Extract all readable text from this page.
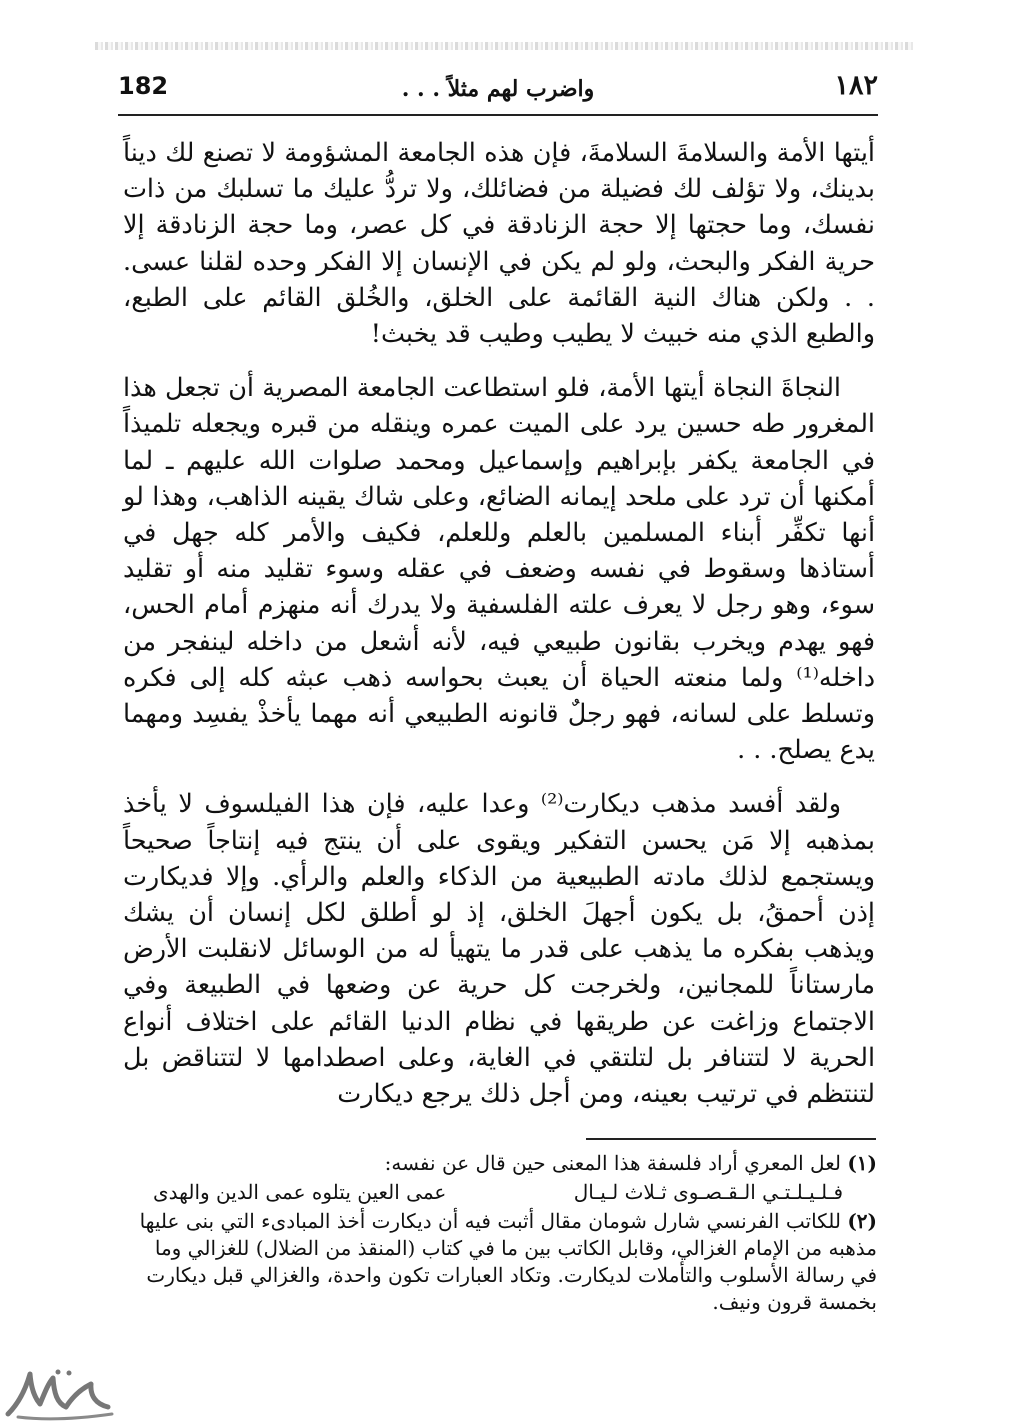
182	واضرب لهم مثلاً . . .	١٨٢

أيتها الأمة والسلامةَ السلامةَ، فإن هذه الجامعة المشؤومة لا تصنع لك ديناً بدينك، ولا تؤلف لك فضيلة من فضائلك، ولا تردُّ عليك ما تسلبك من ذات نفسك، وما حجتها إلا حجة الزنادقة في كل عصر، وما حجة الزنادقة إلا حرية الفكر والبحث، ولو لم يكن في الإنسان إلا الفكر وحده لقلنا عسى. . . ولكن هناك النية القائمة على الخلق، والخُلق القائم على الطبع، والطبع الذي منه خبيث لا يطيب وطيب قد يخبث!

النجاةَ النجاة أيتها الأمة، فلو استطاعت الجامعة المصرية أن تجعل هذا المغرور طه حسين يرد على الميت عمره وينقله من قبره ويجعله تلميذاً في الجامعة يكفر بإبراهيم وإسماعيل ومحمد صلوات الله عليهم ـ لما أمكنها أن ترد على ملحد إيمانه الضائع، وعلى شاك يقينه الذاهب، وهذا لو أنها تكفِّر أبناء المسلمين بالعلم وللعلم، فكيف والأمر كله جهل في أستاذها وسقوط في نفسه وضعف في عقله وسوء تقليد منه أو تقليد سوء، وهو رجل لا يعرف علته الفلسفية ولا يدرك أنه منهزم أمام الحس، فهو يهدم ويخرب بقانون طبيعي فيه، لأنه أشعل من داخله لينفجر من داخله⁽¹⁾ ولما منعته الحياة أن يعبث بحواسه ذهب عبثه كله إلى فكره وتسلط على لسانه، فهو رجلٌ قانونه الطبيعي أنه مهما يأخذْ يفسِد ومهما يدع يصلح. . .

ولقد أفسد مذهب ديكارت⁽²⁾ وعدا عليه، فإن هذا الفيلسوف لا يأخذ بمذهبه إلا مَن يحسن التفكير ويقوى على أن ينتج فيه إنتاجاً صحيحاً ويستجمع لذلك مادته الطبيعية من الذكاء والعلم والرأي. وإلا فديكارت إذن أحمقُ، بل يكون أجهلَ الخلق، إذ لو أطلق لكل إنسان أن يشك ويذهب بفكره ما يذهب على قدر ما يتهيأ له من الوسائل لانقلبت الأرض مارستاناً للمجانين، ولخرجت كل حرية عن وضعها في الطبيعة وفي الاجتماع وزاغت عن طريقها في نظام الدنيا القائم على اختلاف أنواع الحرية لا لتتنافر بل لتلتقي في الغاية، وعلى اصطدامها لا لتتناقض بل لتنتظم في ترتيب بعينه، ومن أجل ذلك يرجع ديكارت

(١) لعل المعري أراد فلسفة هذا المعنى حين قال عن نفسه:

فـلـيـلـتـي الـقـصـوى ثـلاث لـيـال
عمى العين يتلوه عمى الدين والهدى

(٢) للكاتب الفرنسي شارل شومان مقال أثبت فيه أن ديكارت أخذ المبادىء التي بنى عليها مذهبه من الإمام الغزالي، وقابل الكاتب بين ما في كتاب (المنقذ من الضلال) للغزالي وما في رسالة الأسلوب والتأملات لديكارت. وتكاد العبارات تكون واحدة، والغزالي قبل ديكارت بخمسة قرون ونيف.
